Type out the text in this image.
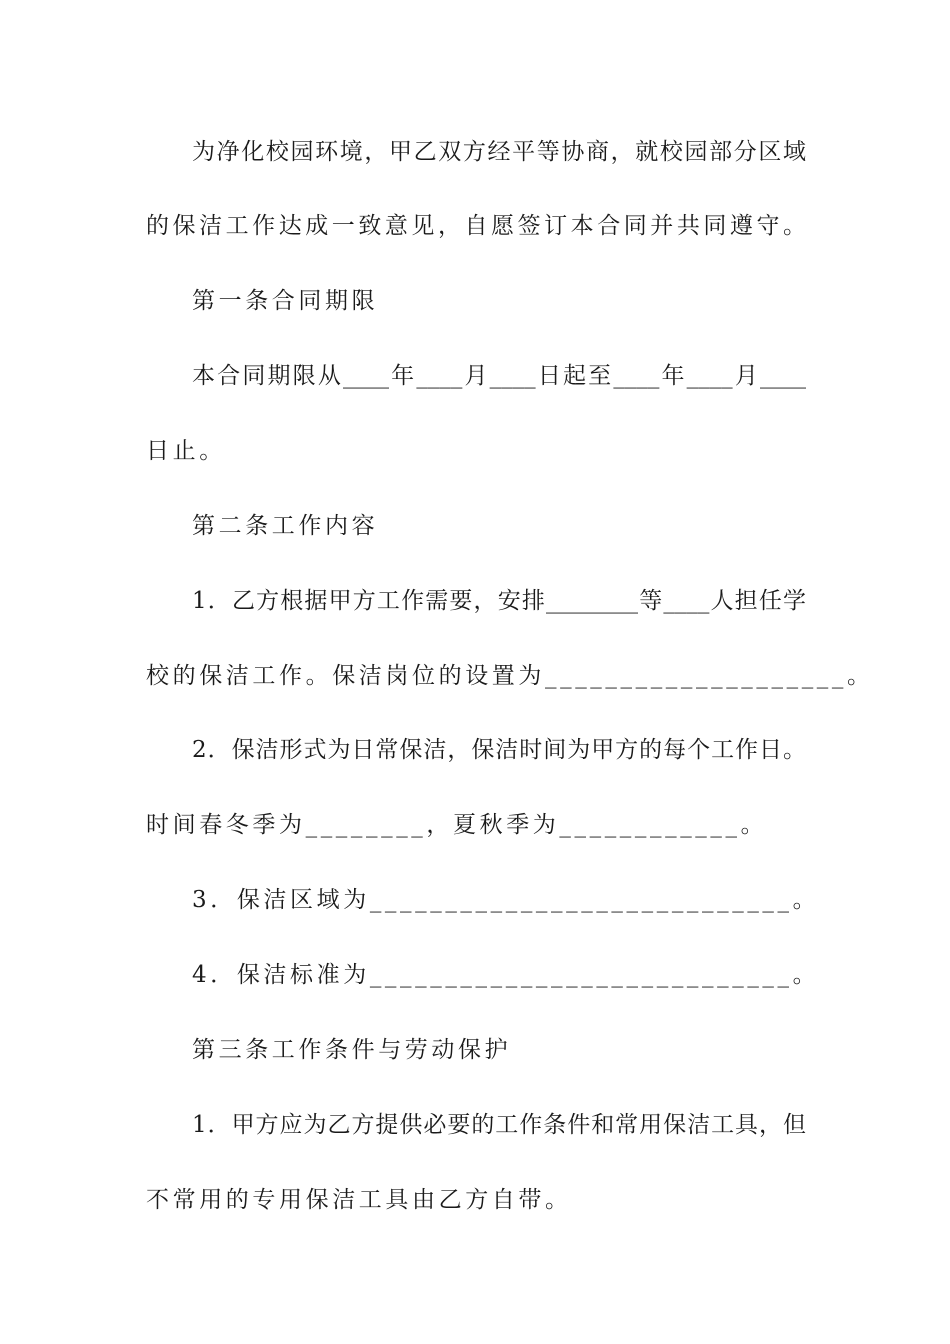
为净化校园环境，甲乙双方经平等协商，就校园部分区域
的保洁工作达成一致意见，自愿签订本合同并共同遵守。
第一条合同期限
本合同期限从____年____月____日起至____年____月____
日止。
第二条工作内容
1．乙方根据甲方工作需要，安排________等____人担任学
校的保洁工作。保洁岗位的设置为____________________。
2．保洁形式为日常保洁，保洁时间为甲方的每个工作日。
时间春冬季为________，夏秋季为____________。
3．保洁区域为____________________________。
4．保洁标准为____________________________。
第三条工作条件与劳动保护
1．甲方应为乙方提供必要的工作条件和常用保洁工具，但
不常用的专用保洁工具由乙方自带。
